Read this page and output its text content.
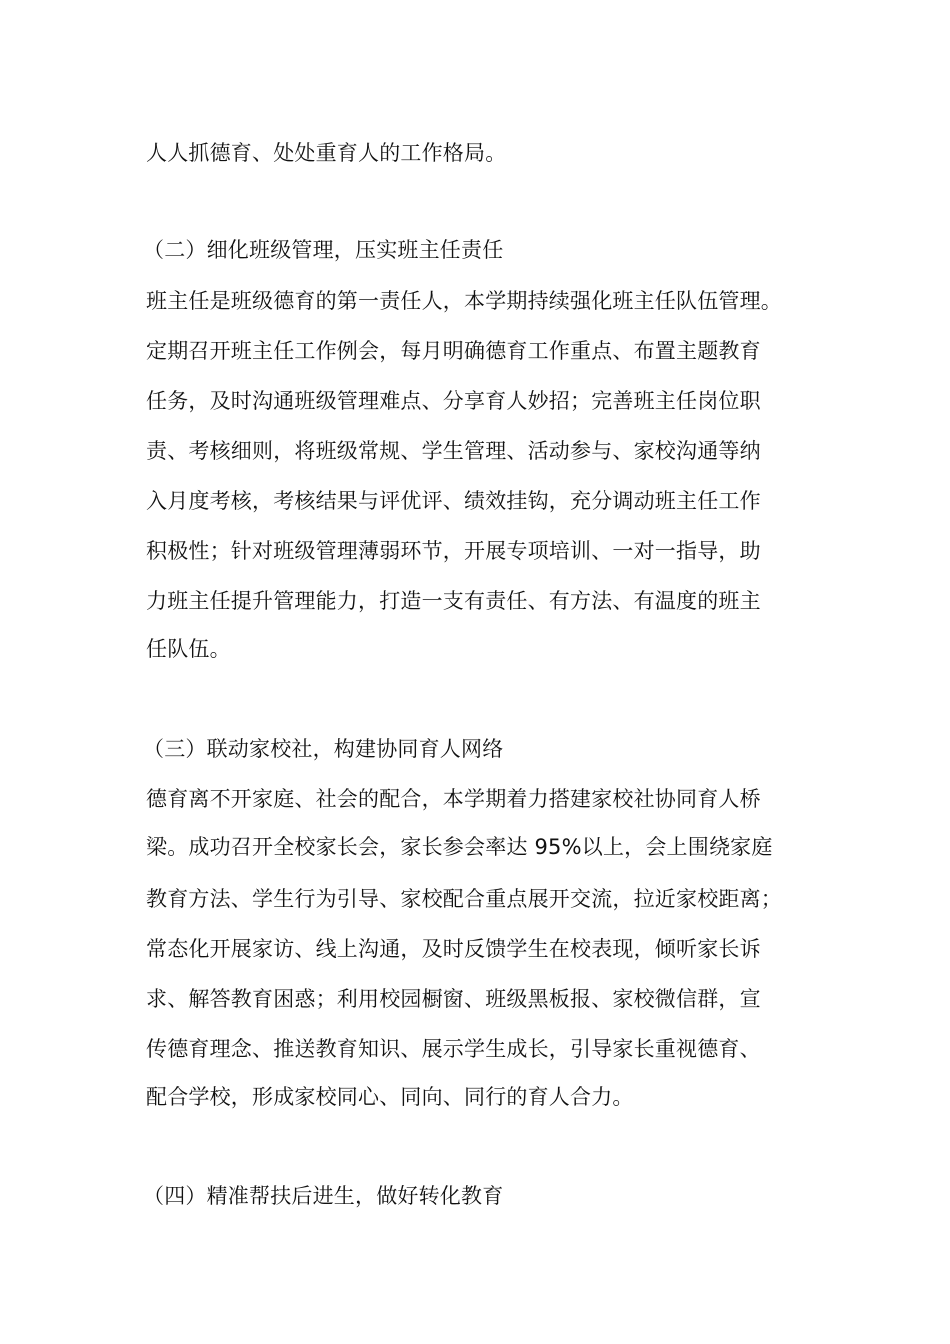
人人抓德育、处处重育人的工作格局。
（二）细化班级管理，压实班主任责任
班主任是班级德育的第一责任人，本学期持续强化班主任队伍管理。
定期召开班主任工作例会，每月明确德育工作重点、布置主题教育
任务，及时沟通班级管理难点、分享育人妙招；完善班主任岗位职
责、考核细则，将班级常规、学生管理、活动参与、家校沟通等纳
入月度考核，考核结果与评优评、绩效挂钩，充分调动班主任工作
积极性；针对班级管理薄弱环节，开展专项培训、一对一指导，助
力班主任提升管理能力，打造一支有责任、有方法、有温度的班主
任队伍。
（三）联动家校社，构建协同育人网络
德育离不开家庭、社会的配合，本学期着力搭建家校社协同育人桥
梁。成功召开全校家长会，家长参会率达 95%以上，会上围绕家庭
教育方法、学生行为引导、家校配合重点展开交流，拉近家校距离；
常态化开展家访、线上沟通，及时反馈学生在校表现，倾听家长诉
求、解答教育困惑；利用校园橱窗、班级黑板报、家校微信群，宣
传德育理念、推送教育知识、展示学生成长，引导家长重视德育、
配合学校，形成家校同心、同向、同行的育人合力。
（四）精准帮扶后进生，做好转化教育
